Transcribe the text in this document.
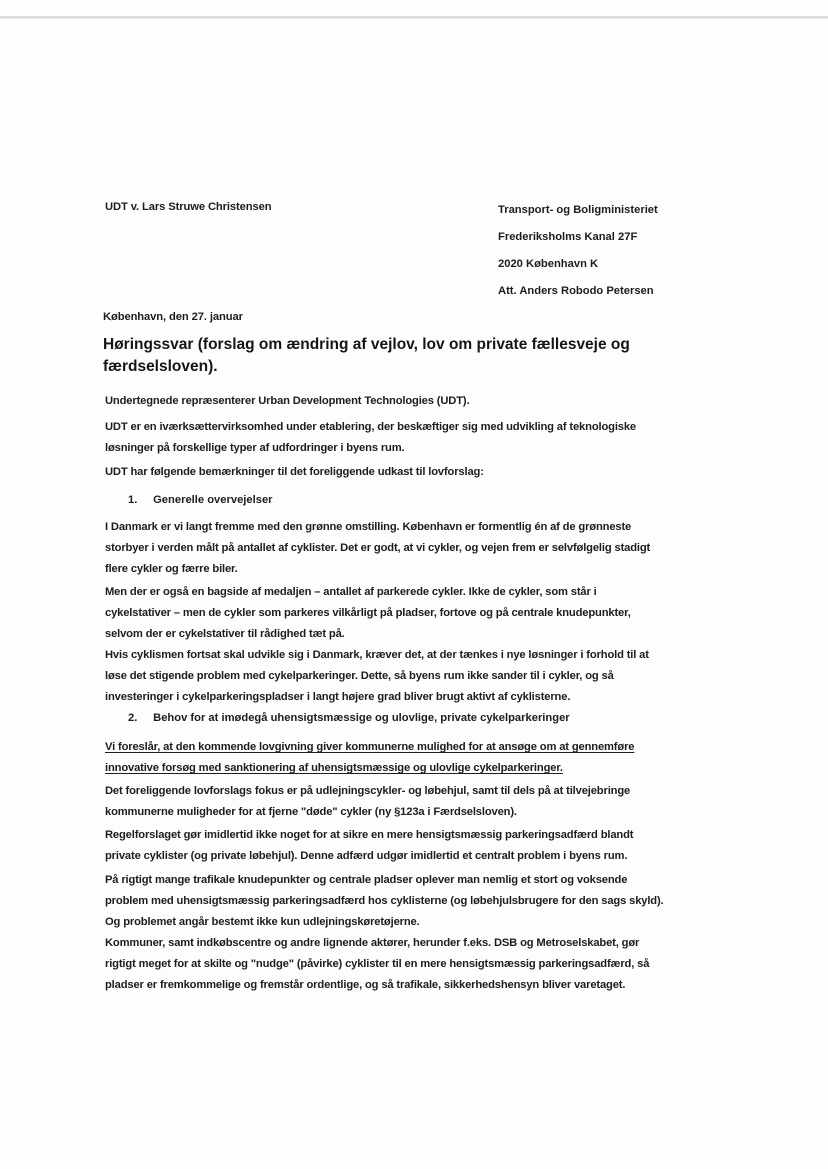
UDT v. Lars Struwe Christensen	Transport- og Boligministeriet
Frederiksholms Kanal 27F
2020 København K
Att. Anders Robodo Petersen
København, den 27. januar
Høringssvar (forslag om ændring af vejlov, lov om private fællesveje og færdselsloven).
Undertegnede repræsenterer Urban Development Technologies (UDT).
UDT er en iværksættervirksomhed under etablering, der beskæftiger sig med udvikling af teknologiske
løsninger på forskellige typer af udfordringer i byens rum.
UDT har følgende bemærkninger til det foreliggende udkast til lovforslag:
1. Generelle overvejelser
I Danmark er vi langt fremme med den grønne omstilling. København er formentlig én af de grønneste
storbyer i verden målt på antallet af cyklister. Det er godt, at vi cykler, og vejen frem er selvfølgelig stadigt
flere cykler og færre biler.
Men der er også en bagside af medaljen – antallet af parkerede cykler. Ikke de cykler, som står i
cykelstativer – men de cykler som parkeres vilkårligt på pladser, fortove og på centrale knudepunkter,
selvom der er cykelstativer til rådighed tæt på.
Hvis cyklismen fortsat skal udvikle sig i Danmark, kræver det, at der tænkes i nye løsninger i forhold til at
løse det stigende problem med cykelparkeringer. Dette, så byens rum ikke sander til i cykler, og så
investeringer i cykelparkeringspladser i langt højere grad bliver brugt aktivt af cyklisterne.
2. Behov for at imødegå uhensigtsmæssige og ulovlige, private cykelparkeringer
Vi foreslår, at den kommende lovgivning giver kommunerne mulighed for at ansøge om at gennemføre
innovative forsøg med sanktionering af uhensigtsmæssige og ulovlige cykelparkeringer.
Det foreliggende lovforslags fokus er på udlejningscykler- og løbehjul, samt til dels på at tilvejebringe
kommunerne muligheder for at fjerne "døde" cykler (ny §123a i Færdselsloven).
Regelforslaget gør imidlertid ikke noget for at sikre en mere hensigtsmæssig parkeringsadfærd blandt
private cyklister (og private løbehjul). Denne adfærd udgør imidlertid et centralt problem i byens rum.
På rigtigt mange trafikale knudepunkter og centrale pladser oplever man nemlig et stort og voksende
problem med uhensigtsmæssig parkeringsadfærd hos cyklisterne (og løbehjulsbrugere for den sags skyld).
Og problemet angår bestemt ikke kun udlejningskøretøjerne.
Kommuner, samt indkøbscentre og andre lignende aktører, herunder f.eks. DSB og Metroselskabet, gør
rigtigt meget for at skilte og "nudge" (påvirke) cyklister til en mere hensigtsmæssig parkeringsadfærd, så
pladser er fremkommelige og fremstår ordentlige, og så trafikale, sikkerhedshensyn bliver varetaget.
